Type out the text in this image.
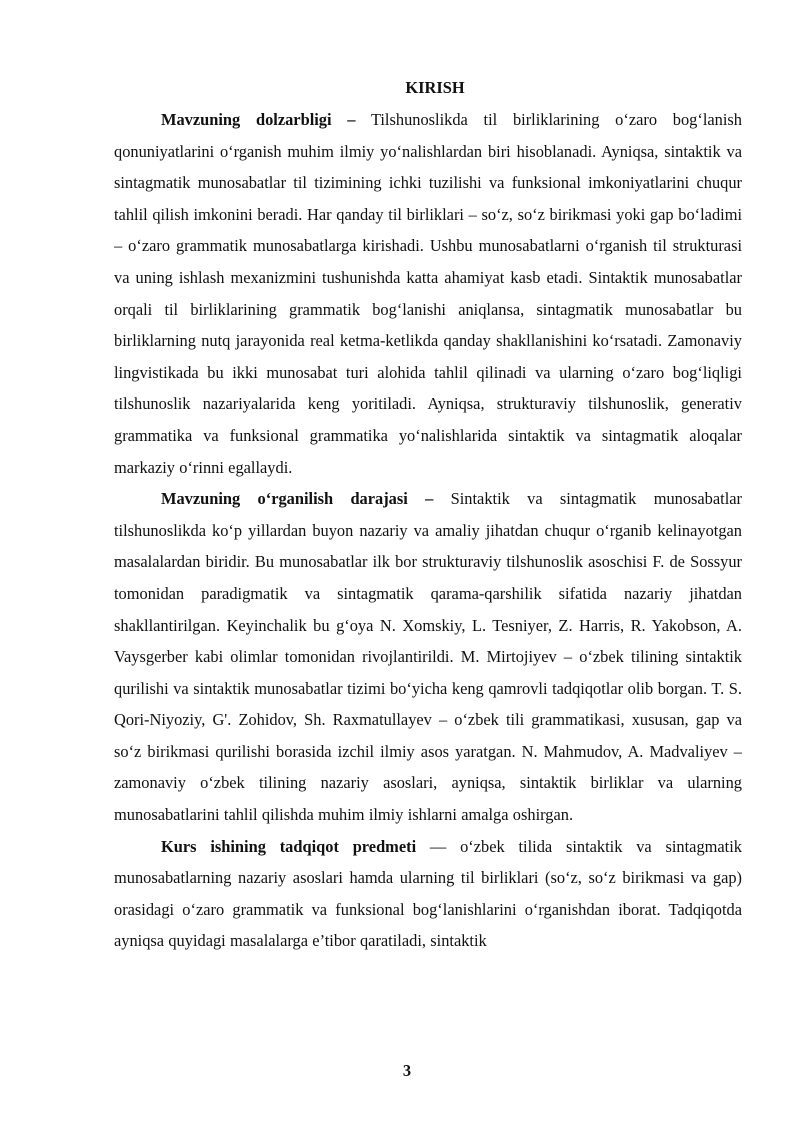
KIRISH

Mavzuning dolzarbligi – Tilshunoslikda til birliklarining o‘zaro bog‘lanish qonuniyatlarini o‘rganish muhim ilmiy yo‘nalishlardan biri hisoblanadi. Ayniqsa, sintaktik va sintagmatik munosabatlar til tizimining ichki tuzilishi va funksional imkoniyatlarini chuqur tahlil qilish imkonini beradi. Har qanday til birliklari – so‘z, so‘z birikmasi yoki gap bo‘ladimi – o‘zaro grammatik munosabatlarga kirishadi. Ushbu munosabatlarni o‘rganish til strukturasi va uning ishlash mexanizmini tushunishda katta ahamiyat kasb etadi. Sintaktik munosabatlar orqali til birliklarining grammatik bog‘lanishi aniqlansa, sintagmatik munosabatlar bu birliklarning nutq jarayonida real ketma-ketlikda qanday shakllanishini ko‘rsatadi. Zamonaviy lingvistikada bu ikki munosabat turi alohida tahlil qilinadi va ularning o‘zaro bog‘liqligi tilshunoslik nazariyalarida keng yoritiladi. Ayniqsa, strukturaviy tilshunoslik, generativ grammatika va funksional grammatika yo‘nalishlarida sintaktik va sintagmatik aloqalar markaziy o‘rinni egallaydi.

Mavzuning o‘rganilish darajasi – Sintaktik va sintagmatik munosabatlar tilshunoslikda ko‘p yillardan buyon nazariy va amaliy jihatdan chuqur o‘rganib kelinayotgan masalalardan biridir. Bu munosabatlar ilk bor strukturaviy tilshunoslik asoschisi F. de Sossyur tomonidan paradigmatik va sintagmatik qarama-qarshilik sifatida nazariy jihatdan shakllantirilgan. Keyinchalik bu g‘oya N. Xomskiy, L. Tesniyer, Z. Harris, R. Yakobson, A. Vaysgerber kabi olimlar tomonidan rivojlantirildi. M. Mirtojiyev – o‘zbek tilining sintaktik qurilishi va sintaktik munosabatlar tizimi bo‘yicha keng qamrovli tadqiqotlar olib borgan. T. S. Qori-Niyoziy, G'. Zohidov, Sh. Raxmatullayev – o‘zbek tili grammatikasi, xususan, gap va so‘z birikmasi qurilishi borasida izchil ilmiy asos yaratgan. N. Mahmudov, A. Madvaliyev – zamonaviy o‘zbek tilining nazariy asoslari, ayniqsa, sintaktik birliklar va ularning munosabatlarini tahlil qilishda muhim ilmiy ishlarni amalga oshirgan.

Kurs ishining tadqiqot predmeti — o‘zbek tilida sintaktik va sintagmatik munosabatlarning nazariy asoslari hamda ularning til birliklari (so‘z, so‘z birikmasi va gap) orasidagi o‘zaro grammatik va funksional bog‘lanishlarini o‘rganishdan iborat. Tadqiqotda ayniqsa quyidagi masalalarga e’tibor qaratiladi, sintaktik

3
